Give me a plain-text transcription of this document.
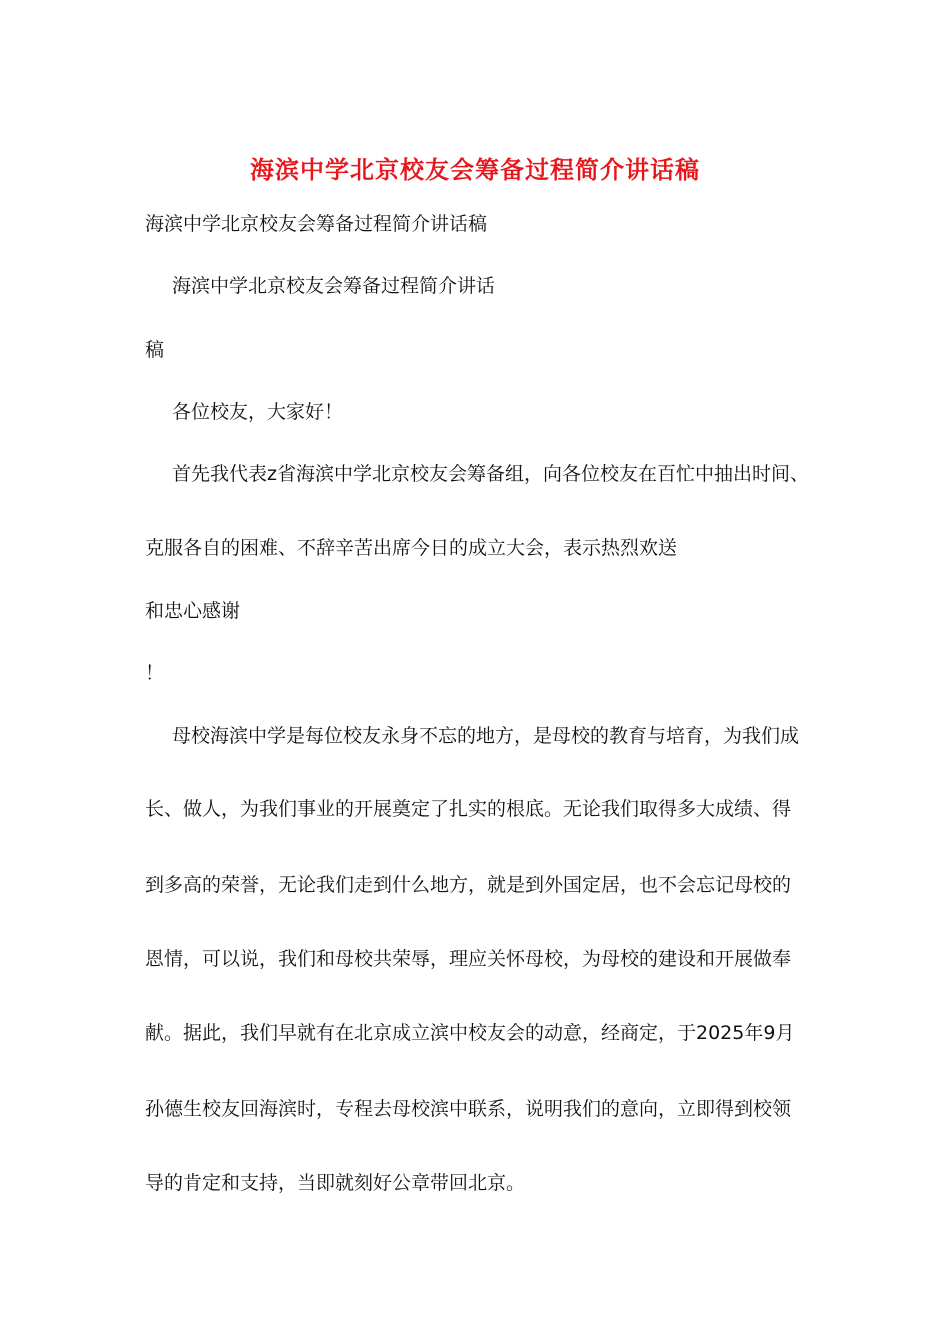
海滨中学北京校友会筹备过程简介讲话稿
海滨中学北京校友会筹备过程简介讲话稿
海滨中学北京校友会筹备过程简介讲话
稿
各位校友，大家好！
首先我代表z省海滨中学北京校友会筹备组，向各位校友在百忙中抽出时间、
克服各自的困难、不辞辛苦出席今日的成立大会，表示热烈欢送
和忠心感谢
！
母校海滨中学是每位校友永身不忘的地方，是母校的教育与培育，为我们成
长、做人，为我们事业的开展奠定了扎实的根底。无论我们取得多大成绩、得
到多高的荣誉，无论我们走到什么地方，就是到外国定居，也不会忘记母校的
恩情，可以说，我们和母校共荣辱，理应关怀母校，为母校的建设和开展做奉
献。据此，我们早就有在北京成立滨中校友会的动意，经商定，于2025年9月
孙德生校友回海滨时，专程去母校滨中联系，说明我们的意向，立即得到校领
导的肯定和支持，当即就刻好公章带回北京。
